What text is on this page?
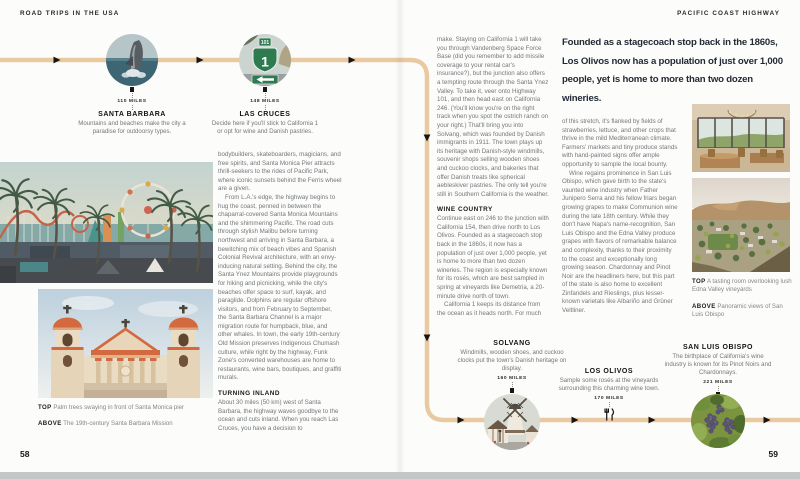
ROAD TRIPS IN THE USA	PACIFIC COAST HIGHWAY
101
1
110 MILES
SANTA BARBARA
Mountains and beaches make the city a paradise for outdoorsy types.
148 MILES
LAS CRUCES
Decide here if you'll stick to California 1 or opt for wine and Danish pastries.

TOP Palm trees swaying in front of Santa Monica pier

ABOVE The 19th-century Santa Barbara Mission

bodybuilders, skateboarders, magicians, and free spirits, and Santa Monica Pier attracts thrill-seekers to the rides of Pacific Park, where iconic sunsets behind the Ferris wheel are a given.

From L.A.'s edge, the highway begins to hug the coast, penned in between the chaparral-covered Santa Monica Mountains and the shimmering Pacific. The road cuts through stylish Malibu before turning northwest and arriving in Santa Barbara, a bewitching mix of beach vibes and Spanish Colonial Revival architecture, with an envy-inducing natural setting. Behind the city, the Santa Ynez Mountains provide playgrounds for hiking and picnicking, while the city's beaches offer space to surf, kayak, and paraglide. Dolphins are regular offshore visitors, and from February to September, the Santa Barbara Channel is a major migration route for humpback, blue, and other whales. In town, the early 19th-century Old Mission preserves Indigenous Chumash culture, while right by the highway, Funk Zone's converted warehouses are home to restaurants, wine bars, boutiques, and graffiti murals.

TURNING INLAND

About 30 miles (50 km) west of Santa Barbara, the highway waves goodbye to the ocean and cuts inland. When you reach Las Cruces, you have a decision to

make. Staying on California 1 will take you through Vandenberg Space Force Base (did you remember to add missile coverage to your rental car's insurance?), but the junction also offers a tempting route through the Santa Ynez Valley. To take it, veer onto Highway 101, and then head east on California 246. (You'll know you're on the right track when you spot the ostrich ranch on your right.) That'll bring you into Solvang, which was founded by Danish immigrants in 1911. The town plays up its heritage with Danish-style windmills, souvenir shops selling wooden shoes and cuckoo clocks, and bakeries that offer Danish treats like spherical aebleskiver pastries. The only tell you're still in Southern California is the weather.

WINE COUNTRY

Continue east on 246 to the junction with California 154, then drive north to Los Olivos. Founded as a stagecoach stop back in the 1860s, it now has a population of just over 1,000 people, yet is home to more than two dozen wineries. The region is especially known for its rosés, which are best sampled in spring at vineyards like Demetria, a 20-minute drive north of town.

California 1 keeps its distance from the ocean as it heads north. For much

Founded as a stagecoach stop back in the 1860s, Los Olivos now has a population of just over 1,000 people, yet is home to more than two dozen wineries.

of this stretch, it's flanked by fields of strawberries, lettuce, and other crops that thrive in the mild Mediterranean climate. Farmers' markets and tiny produce stands with hand-painted signs offer ample opportunity to sample the local bounty.

Wine regains prominence in San Luis Obispo, which gave birth to the state's vaunted wine industry when Father Junipero Serra and his fellow friars began growing grapes to make Communion wine during the late 18th century. While they don't have Napa's name-recognition, San Luis Obispo and the Edna Valley produce grapes with flavors of remarkable balance and complexity, thanks to their proximity to the coast and exceptionally long growing season. Chardonnay and Pinot Noir are the headliners here, but this part of the state is also home to excellent Zinfandels and Rieslings, plus lesser-known varietals like Albariño and Grüner Veltliner.

TOP A tasting room overlooking lush Edna Valley vineyards

ABOVE Panoramic views of San Luis Obispo

SOLVANG
Windmills, wooden shoes, and cuckoo clocks put the town's Danish heritage on display.
160 MILES
LOS OLIVOS
Sample some rosés at the vineyards surrounding this charming wine town.
170 MILES
SAN LUIS OBISPO
The birthplace of California's wine industry is known for its Pinot Noirs and Chardonnays.
221 MILES
58	59
